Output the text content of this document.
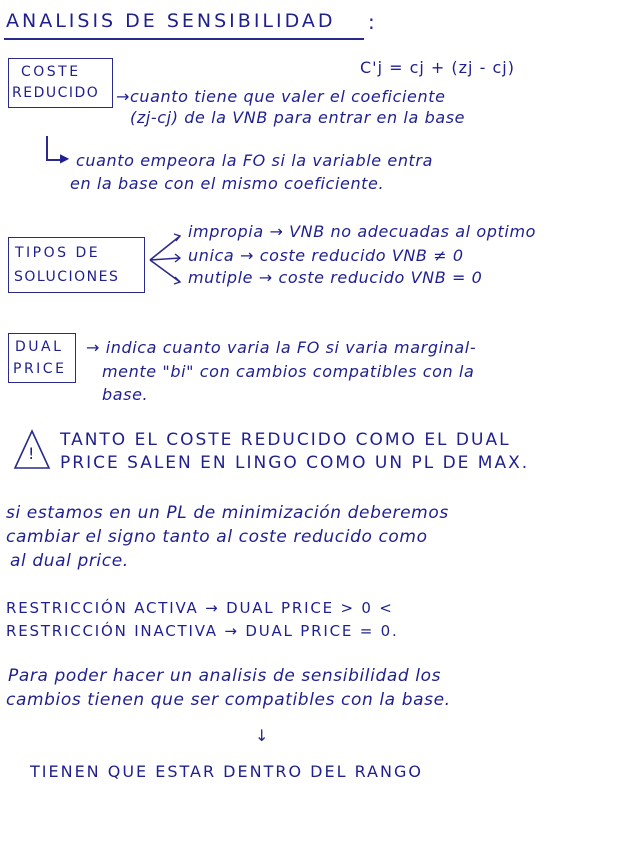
ANALISIS DE SENSIBILIDAD :
COSTE
REDUCIDO
C'j = cj + (zj - cj)
→cuanto tiene que valer el coeficiente
(zj-cj) de la VNB para entrar en la base
▶ cuanto empeora la FO si la variable entra
en la base con el mismo coeficiente.
TIPOS DE
SOLUCIONES
impropia → VNB no adecuadas al optimo
unica → coste reducido VNB ≠ 0
mutiple → coste reducido VNB = 0
DUAL
PRICE
→ indica cuanto varia la FO si varia marginal-
mente "bi" con cambios compatibles con la
base.
!
TANTO EL COSTE REDUCIDO COMO EL DUAL
PRICE SALEN EN LINGO COMO UN PL DE MAX.
si estamos en un PL de minimización deberemos
cambiar el signo tanto al coste reducido como
al dual price.
RESTRICCIÓN ACTIVA → DUAL PRICE > 0 <
RESTRICCIÓN INACTIVA → DUAL PRICE = 0.
Para poder hacer un analisis de sensibilidad los
cambios tienen que ser compatibles con la base.
↓
TIENEN QUE ESTAR DENTRO DEL RANGO
